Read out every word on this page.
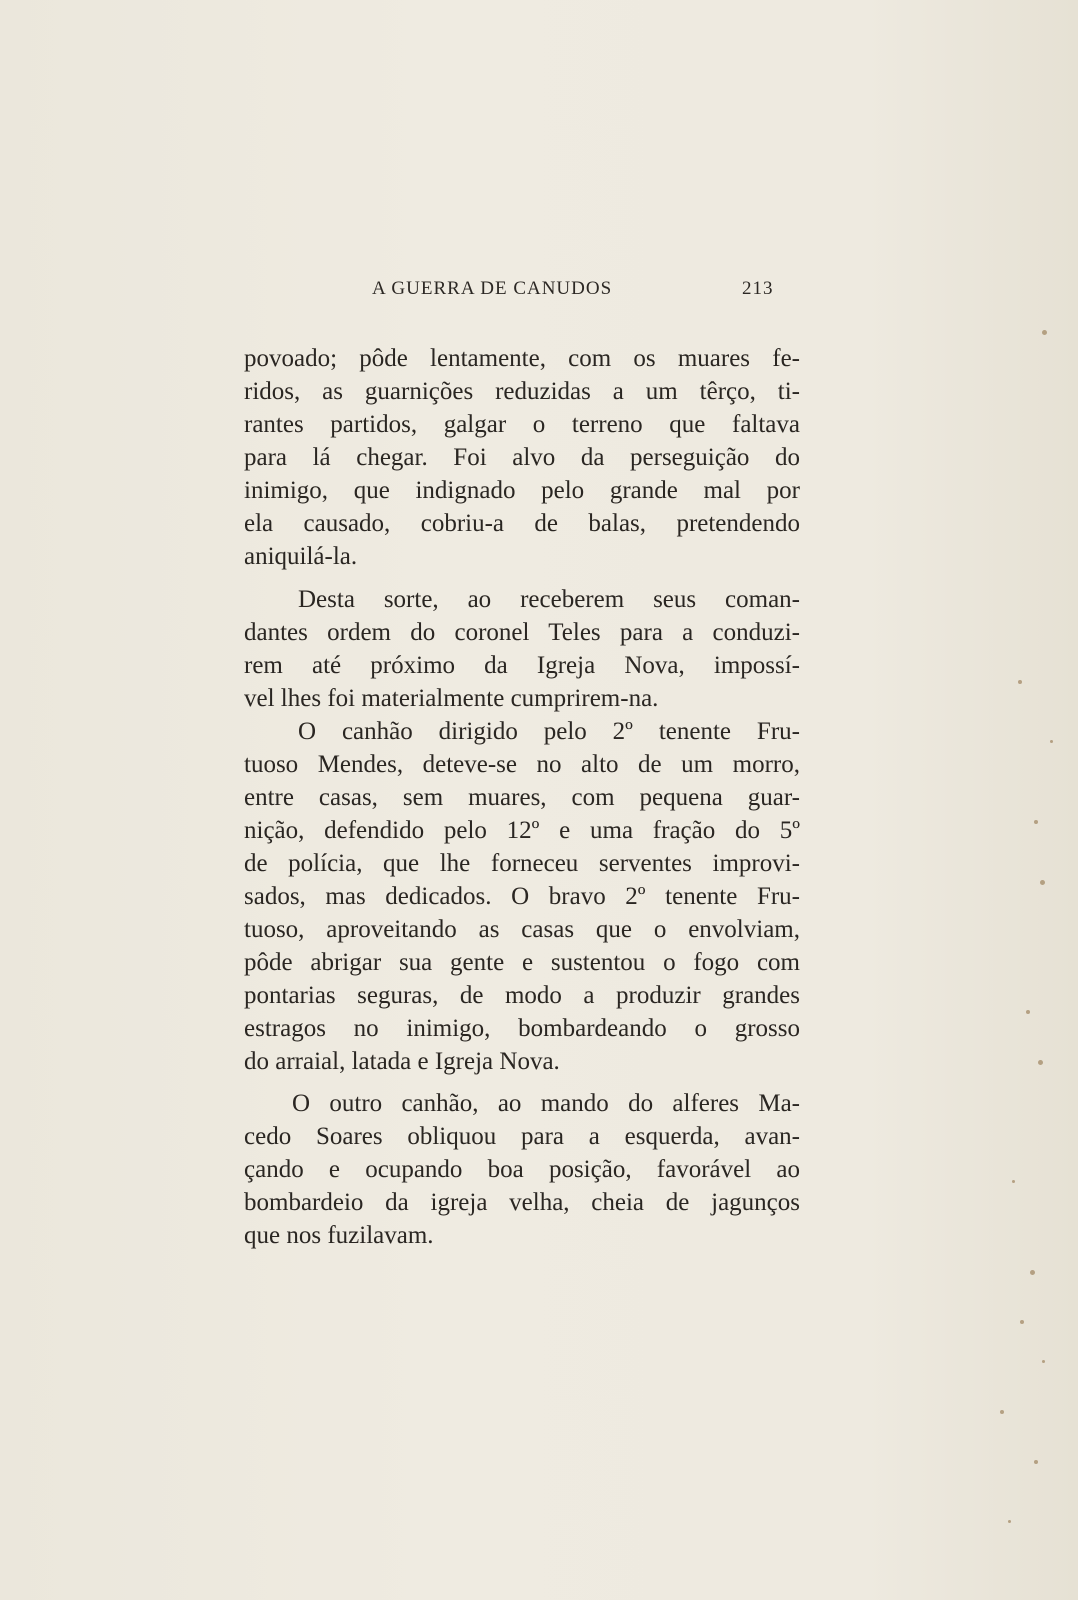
A GUERRA DE CANUDOS	213
povoado; pôde lentamente, com os muares fe-
ridos, as guarnições reduzidas a um têrço, ti-
rantes partidos, galgar o terreno que faltava
para lá chegar. Foi alvo da perseguição do
inimigo, que indignado pelo grande mal por
ela causado, cobriu-a de balas, pretendendo
aniquilá-la.
Desta sorte, ao receberem seus coman-
dantes ordem do coronel Teles para a conduzi-
rem até próximo da Igreja Nova, impossí-
vel lhes foi materialmente cumprirem-na.
O canhão dirigido pelo 2º tenente Fru-
tuoso Mendes, deteve-se no alto de um morro,
entre casas, sem muares, com pequena guar-
nição, defendido pelo 12º e uma fração do 5º
de polícia, que lhe forneceu serventes improvi-
sados, mas dedicados. O bravo 2º tenente Fru-
tuoso, aproveitando as casas que o envolviam,
pôde abrigar sua gente e sustentou o fogo com
pontarias seguras, de modo a produzir grandes
estragos no inimigo, bombardeando o grosso
do arraial, latada e Igreja Nova.
O outro canhão, ao mando do alferes Ma-
cedo Soares obliquou para a esquerda, avan-
çando e ocupando boa posição, favorável ao
bombardeio da igreja velha, cheia de jagunços
que nos fuzilavam.
